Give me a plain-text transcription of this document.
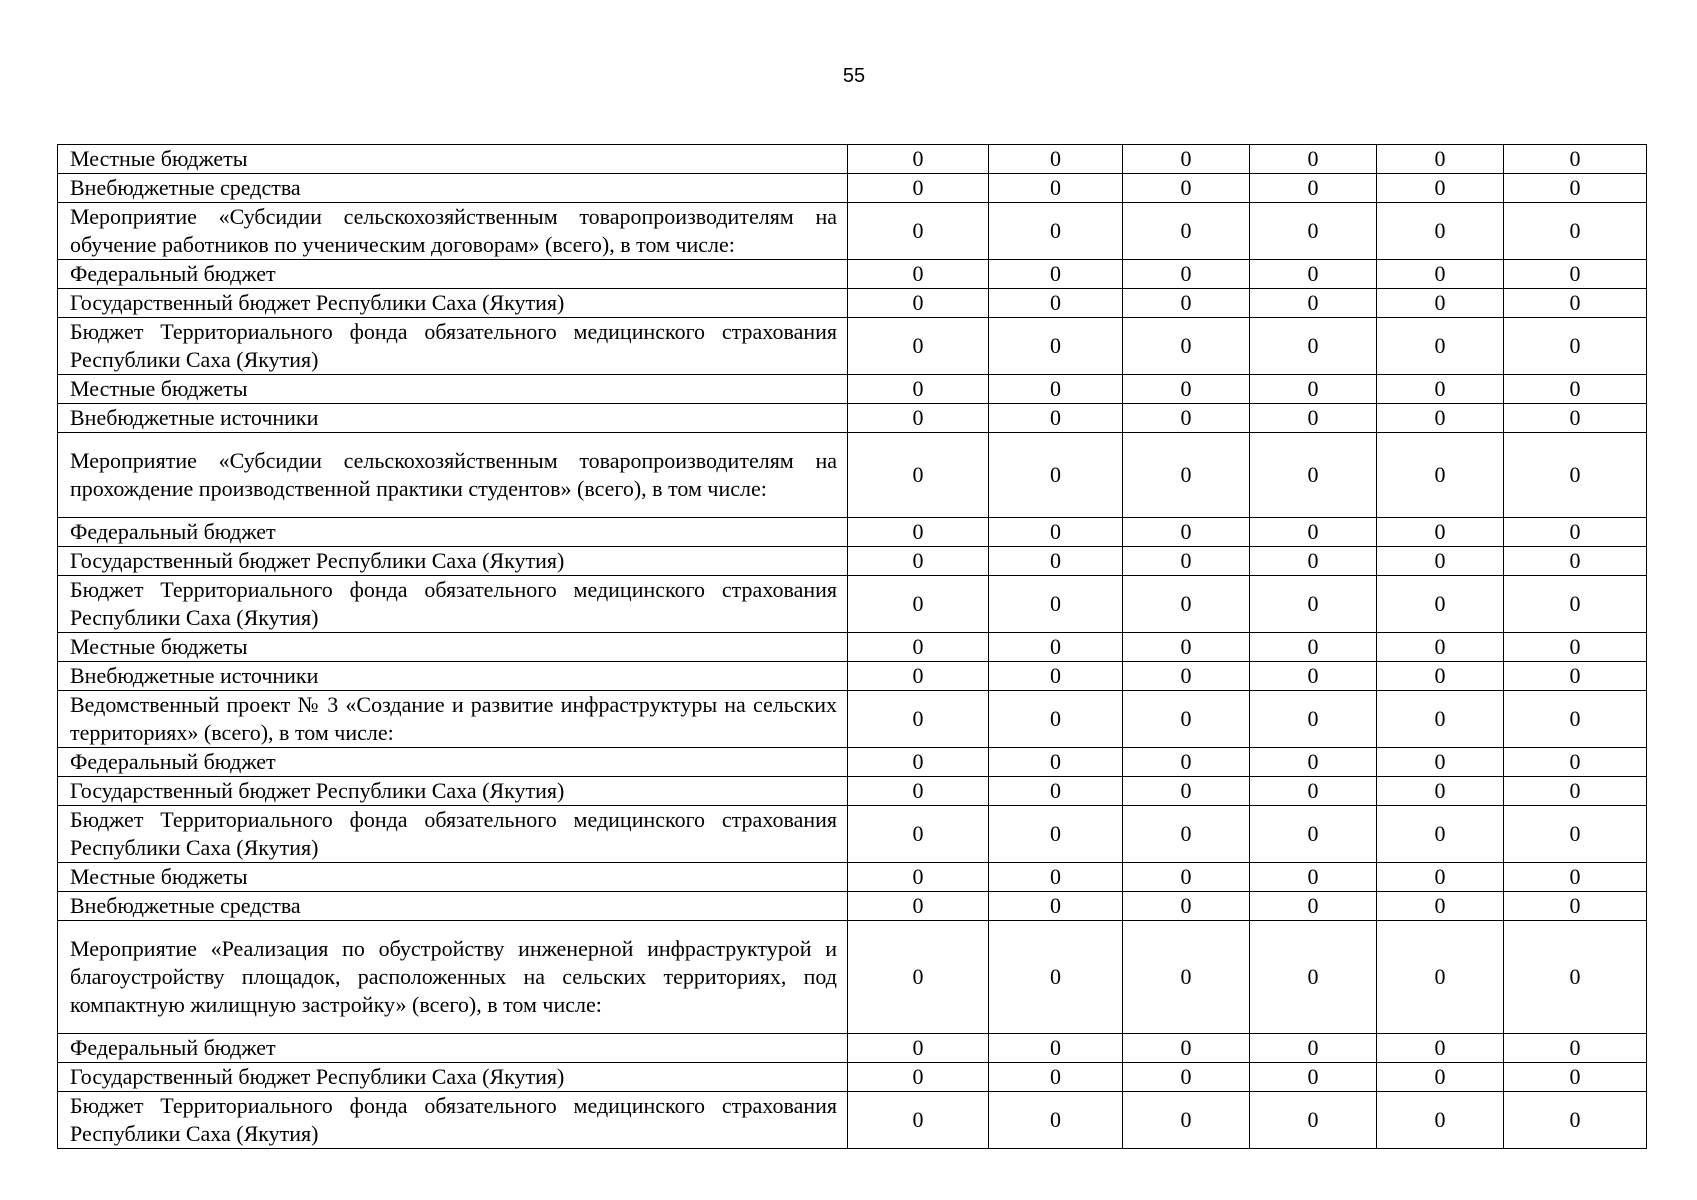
55
Местные бюджеты	0	0	0	0	0	0
Внебюджетные средства	0	0	0	0	0	0
Мероприятие «Субсидии сельскохозяйственным товаропроизводителям на обучение работников по ученическим договорам» (всего), в том числе:	0	0	0	0	0	0
Федеральный бюджет	0	0	0	0	0	0
Государственный бюджет Республики Саха (Якутия)	0	0	0	0	0	0
Бюджет Территориального фонда обязательного медицинского страхования Республики Саха (Якутия)	0	0	0	0	0	0
Местные бюджеты	0	0	0	0	0	0
Внебюджетные источники	0	0	0	0	0	0
Мероприятие «Субсидии сельскохозяйственным товаропроизводителям на прохождение производственной практики студентов» (всего), в том числе:	0	0	0	0	0	0
Федеральный бюджет	0	0	0	0	0	0
Государственный бюджет Республики Саха (Якутия)	0	0	0	0	0	0
Бюджет Территориального фонда обязательного медицинского страхования Республики Саха (Якутия)	0	0	0	0	0	0
Местные бюджеты	0	0	0	0	0	0
Внебюджетные источники	0	0	0	0	0	0
Ведомственный проект № 3 «Создание и развитие инфраструктуры на сельских территориях» (всего), в том числе:	0	0	0	0	0	0
Федеральный бюджет	0	0	0	0	0	0
Государственный бюджет Республики Саха (Якутия)	0	0	0	0	0	0
Бюджет Территориального фонда обязательного медицинского страхования Республики Саха (Якутия)	0	0	0	0	0	0
Местные бюджеты	0	0	0	0	0	0
Внебюджетные средства	0	0	0	0	0	0
Мероприятие «Реализация по обустройству инженерной инфраструктурой и благоустройству площадок, расположенных на сельских территориях, под компактную жилищную застройку» (всего), в том числе:	0	0	0	0	0	0
Федеральный бюджет	0	0	0	0	0	0
Государственный бюджет Республики Саха (Якутия)	0	0	0	0	0	0
Бюджет Территориального фонда обязательного медицинского страхования Республики Саха (Якутия)	0	0	0	0	0	0
